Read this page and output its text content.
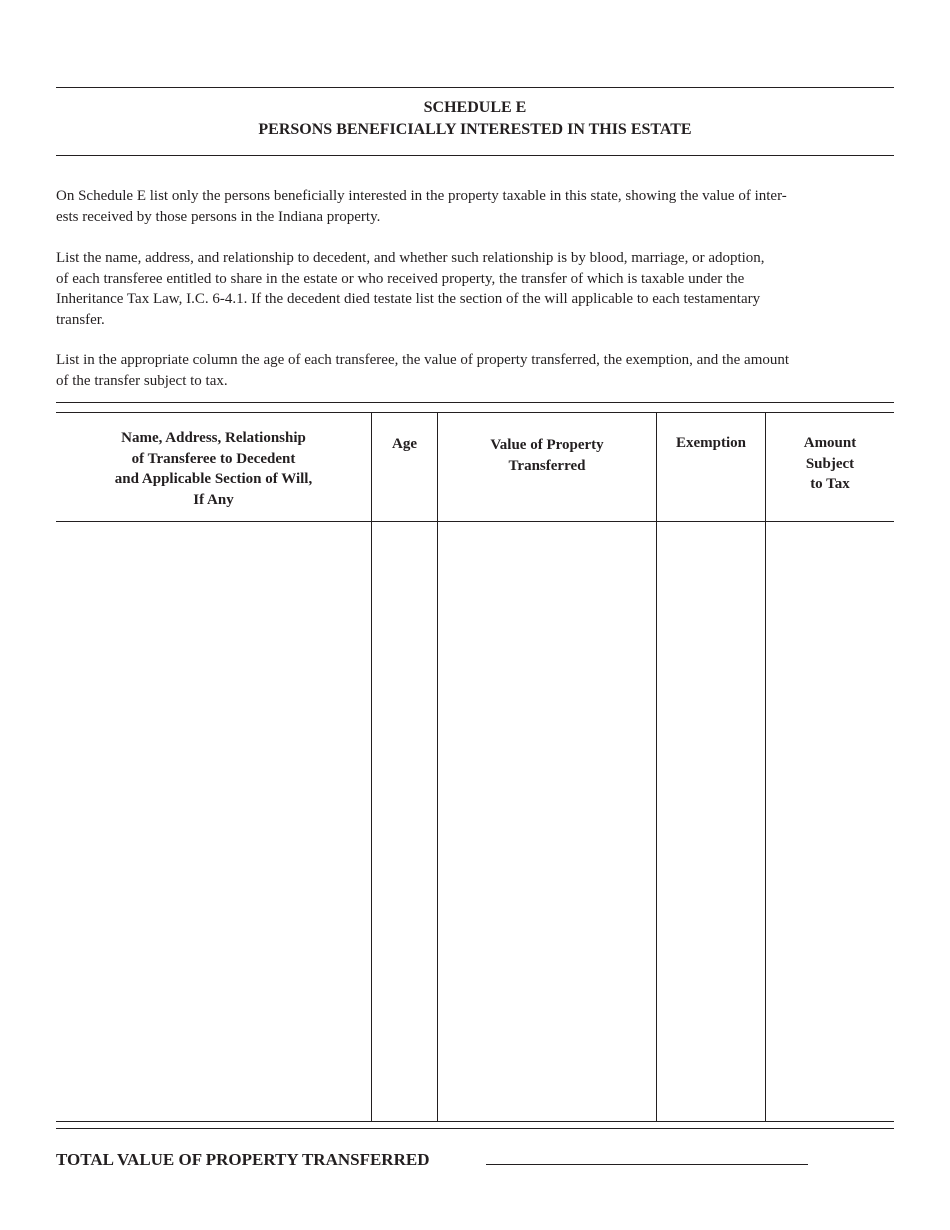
SCHEDULE E
PERSONS BENEFICIALLY INTERESTED IN THIS ESTATE
On Schedule E list only the persons beneficially interested in the property taxable in this state, showing the value of inter-
ests received by those persons in the Indiana property.
List the name, address, and relationship to decedent, and whether such relationship is by blood, marriage, or adoption,
of each transferee entitled to share in the estate or who received property, the transfer of which is taxable under the
Inheritance Tax Law, I.C. 6-4.1. If the decedent died testate list the section of the will applicable to each testamentary
transfer.
List in the appropriate column the age of each transferee, the value of property transferred, the exemption, and the amount
of the transfer subject to tax.
Name, Address, Relationship
of Transferee to Decedent
and Applicable Section of Will,
If Any
Age	Value of Property
Transferred
Exemption	Amount
Subject
to Tax
TOTAL VALUE OF PROPERTY TRANSFERRED
